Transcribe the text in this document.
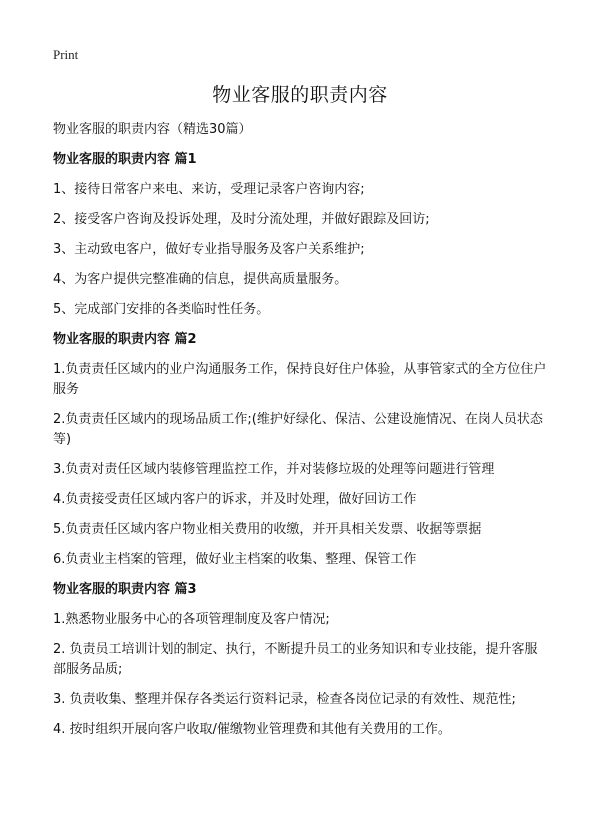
Print
物业客服的职责内容

物业客服的职责内容（精选30篇）

物业客服的职责内容 篇1

1、接待日常客户来电、来访，受理记录客户咨询内容;

2、接受客户咨询及投诉处理，及时分流处理，并做好跟踪及回访;

3、主动致电客户，做好专业指导服务及客户关系维护;

4、为客户提供完整准确的信息，提供高质量服务。

5、完成部门安排的各类临时性任务。

物业客服的职责内容 篇2

1.负责责任区域内的业户沟通服务工作，保持良好住户体验，从事管家式的全方位住户服务

2.负责责任区域内的现场品质工作;(维护好绿化、保洁、公建设施情况、在岗人员状态等)

3.负责对责任区域内装修管理监控工作，并对装修垃圾的处理等问题进行管理

4.负责接受责任区域内客户的诉求，并及时处理，做好回访工作

5.负责责任区域内客户物业相关费用的收缴，并开具相关发票、收据等票据

6.负责业主档案的管理，做好业主档案的收集、整理、保管工作

物业客服的职责内容 篇3

1.熟悉物业服务中心的各项管理制度及客户情况;

2. 负责员工培训计划的制定、执行，不断提升员工的业务知识和专业技能，提升客服部服务品质;

3. 负责收集、整理并保存各类运行资料记录，检查各岗位记录的有效性、规范性;

4. 按时组织开展向客户收取/催缴物业管理费和其他有关费用的工作。
